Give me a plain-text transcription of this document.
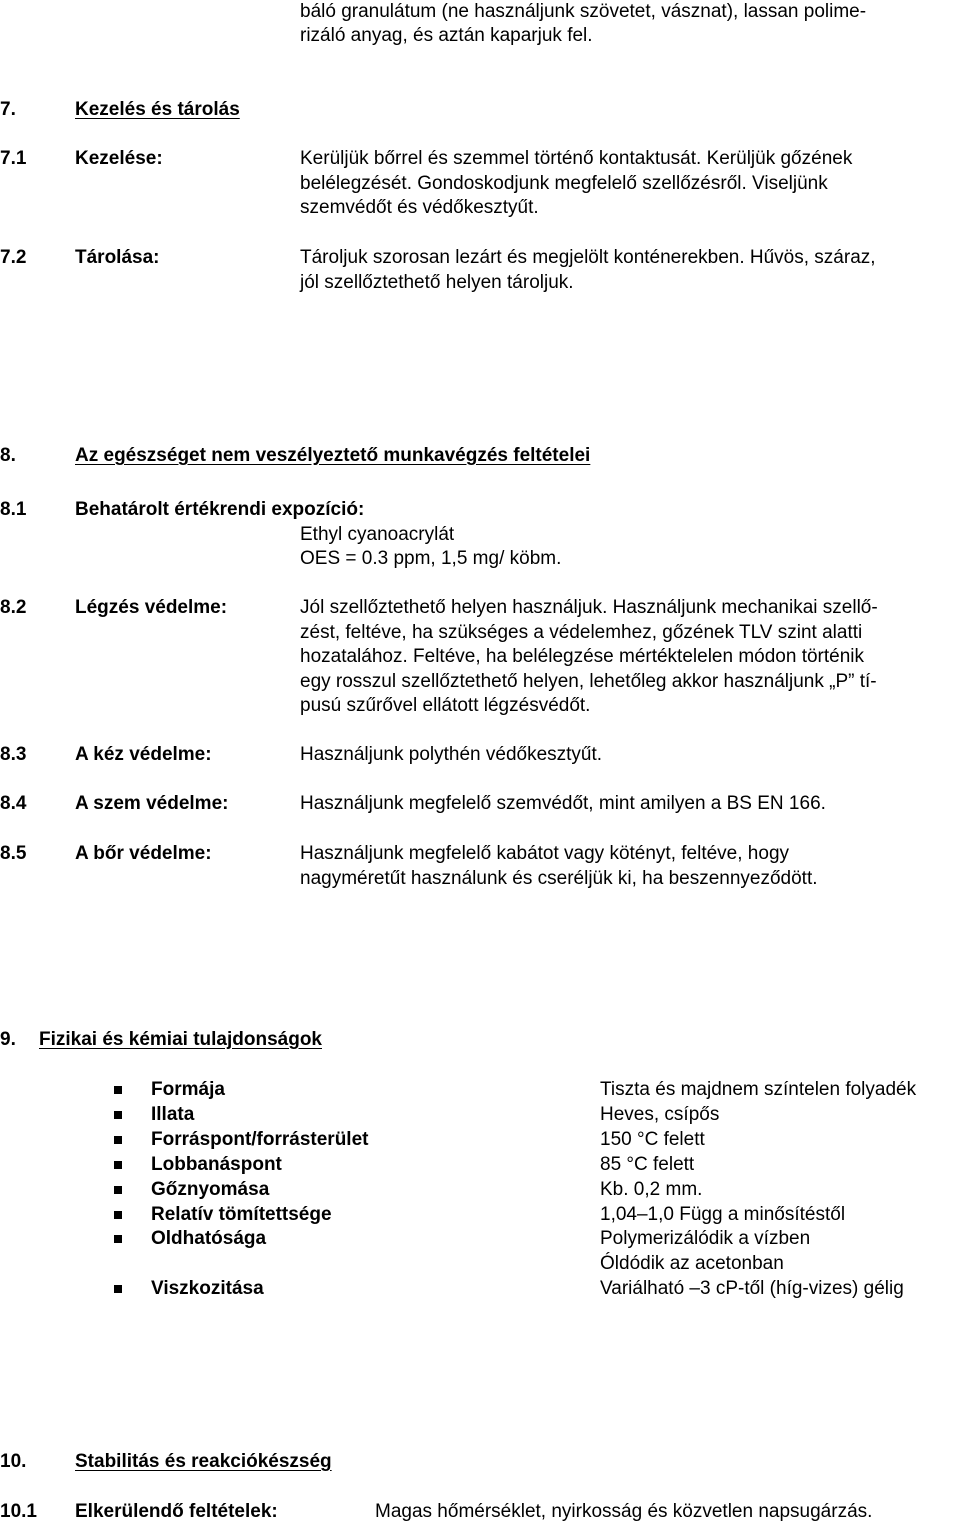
báló granulátum (ne használjunk szövetet, vásznat), lassan polime-
rizáló anyag, és aztán kaparjuk fel.
7.	Kezelés és tárolás
7.1	Kezelése:	Kerüljük bőrrel és szemmel történő kontaktusát. Kerüljük gőzének
belélegzését. Gondoskodjunk megfelelő szellőzésről. Viseljünk
szemvédőt és védőkesztyűt.
7.2	Tárolása:	Tároljuk szorosan lezárt és megjelölt konténerekben. Hűvös, száraz,
jól szellőztethető helyen tároljuk.
8.	Az egészséget nem veszélyeztető munkavégzés feltételei
8.1	Behatárolt értékrendi expozíció:
Ethyl cyanoacrylát
OES = 0.3 ppm, 1,5 mg/ köbm.
8.2	Légzés védelme:	Jól szellőztethető helyen használjuk. Használjunk mechanikai szellő-
zést, feltéve, ha szükséges a védelemhez, gőzének TLV szint alatti
hozatalához. Feltéve, ha belélegzése mértéktelelen módon történik
egy rosszul szellőztethető helyen, lehetőleg akkor használjunk „P” tí-
pusú szűrővel ellátott légzésvédőt.
8.3	A kéz védelme:	Használjunk polythén védőkesztyűt.
8.4	A szem védelme:	Használjunk megfelelő szemvédőt, mint amilyen a BS EN 166.
8.5	A bőr védelme:	Használjunk megfelelő kabátot vagy kötényt, feltéve, hogy
nagyméretűt használunk és cseréljük ki, ha beszennyeződött.
9. Fizikai és kémiai tulajdonságok
Formája	Tiszta és majdnem színtelen folyadék
Illata	Heves, csípős
Forráspont/forrásterület	150 °C felett
Lobbanáspont	85 °C felett
Gőznyomása	Kb. 0,2 mm.
Relatív tömítettsége	1,04–1,0 Függ a minősítéstől
Oldhatósága	Polymerizálódik a vízben
Óldódik az acetonban
Viszkozitása	Variálható –3 cP-től (híg-vizes) gélig
10.	Stabilitás és reakciókészség
10.1 Elkerülendő feltételek:	Magas hőmérséklet, nyirkosság és közvetlen napsugárzás.
